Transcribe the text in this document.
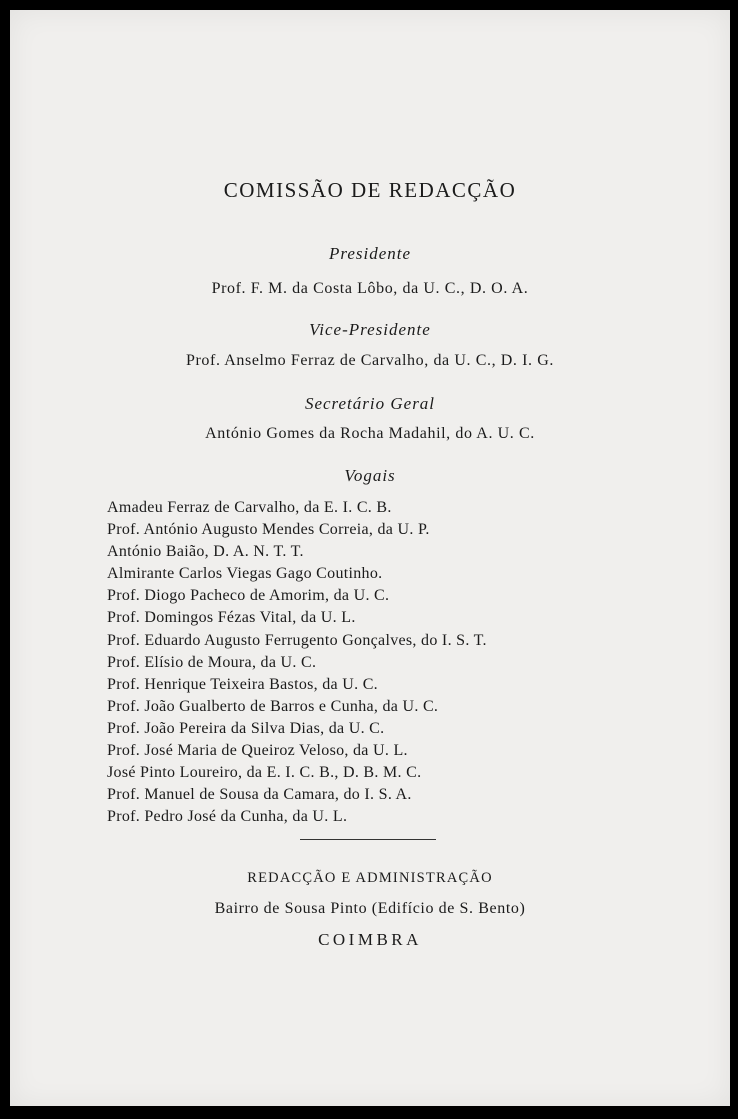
COMISSÃO DE REDACÇÃO
Presidente
Prof. F. M. da Costa Lôbo, da U. C., D. O. A.
Vice-Presidente
Prof. Anselmo Ferraz de Carvalho, da U. C., D. I. G.
Secretário Geral
António Gomes da Rocha Madahil, do A. U. C.
Vogais
Amadeu Ferraz de Carvalho, da E. I. C. B.
Prof. António Augusto Mendes Correia, da U. P.
António Baião, D. A. N. T. T.
Almirante Carlos Viegas Gago Coutinho.
Prof. Diogo Pacheco de Amorim, da U. C.
Prof. Domingos Fézas Vital, da U. L.
Prof. Eduardo Augusto Ferrugento Gonçalves, do I. S. T.
Prof. Elísio de Moura, da U. C.
Prof. Henrique Teixeira Bastos, da U. C.
Prof. João Gualberto de Barros e Cunha, da U. C.
Prof. João Pereira da Silva Dias, da U. C.
Prof. José Maria de Queiroz Veloso, da U. L.
José Pinto Loureiro, da E. I. C. B., D. B. M. C.
Prof. Manuel de Sousa da Camara, do I. S. A.
Prof. Pedro José da Cunha, da U. L.
REDACÇÃO E ADMINISTRAÇÃO
Bairro de Sousa Pinto (Edifício de S. Bento)
COIMBRA
